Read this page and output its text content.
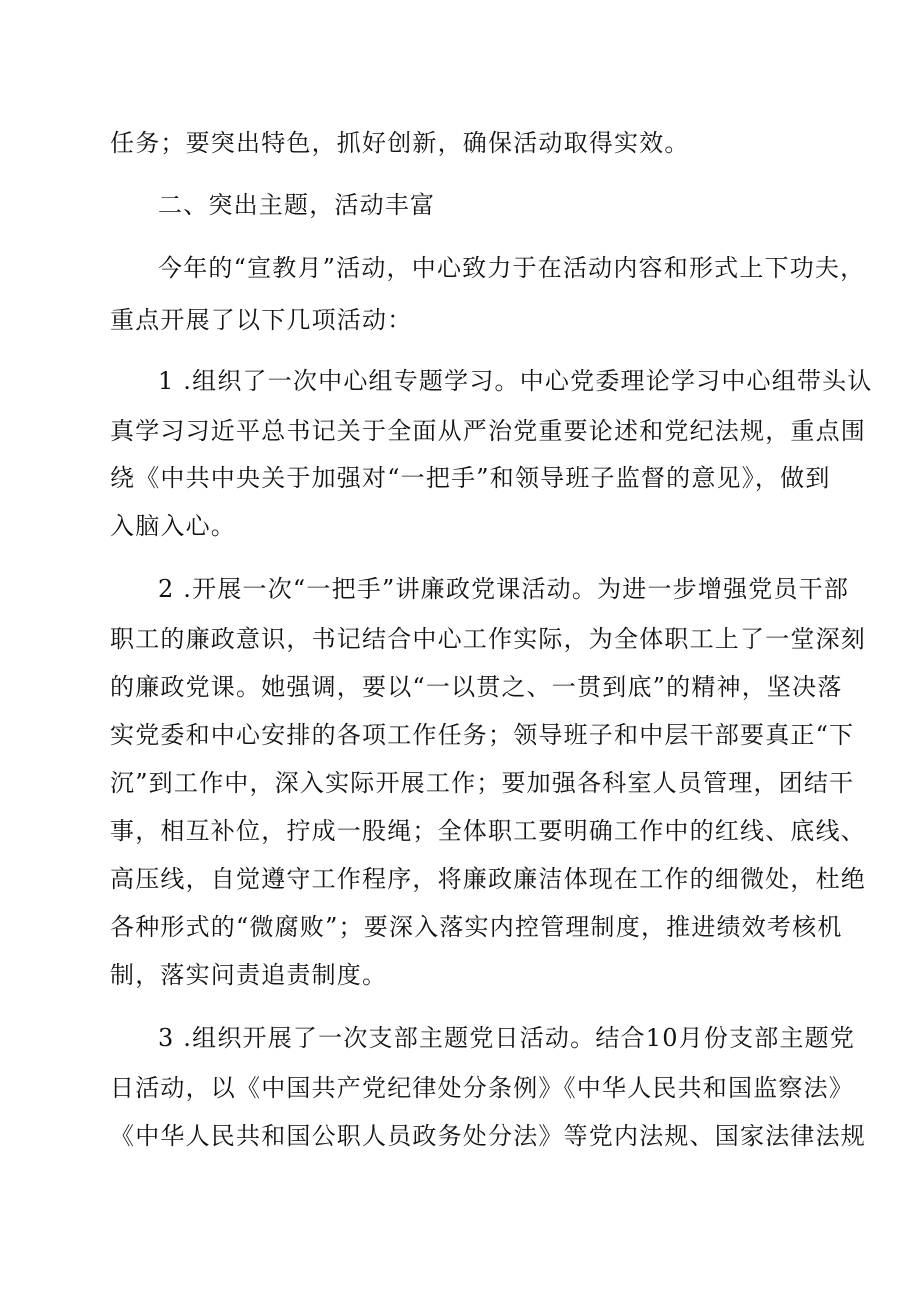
任务；要突出特色，抓好创新，确保活动取得实效。
二、突出主题，活动丰富
今年的“宣教月”活动，中心致力于在活动内容和形式上下功夫，
重点开展了以下几项活动：
1 .组织了一次中心组专题学习。中心党委理论学习中心组带头认
真学习习近平总书记关于全面从严治党重要论述和党纪法规，重点围
绕《中共中央关于加强对“一把手”和领导班子监督的意见》，做到
入脑入心。
2 .开展一次“一把手”讲廉政党课活动。为进一步增强党员干部
职工的廉政意识，书记结合中心工作实际，为全体职工上了一堂深刻
的廉政党课。她强调，要以“一以贯之、一贯到底”的精神，坚决落
实党委和中心安排的各项工作任务；领导班子和中层干部要真正“下
沉”到工作中，深入实际开展工作；要加强各科室人员管理，团结干
事，相互补位，拧成一股绳；全体职工要明确工作中的红线、底线、
高压线，自觉遵守工作程序，将廉政廉洁体现在工作的细微处，杜绝
各种形式的“微腐败”；要深入落实内控管理制度，推进绩效考核机
制，落实问责追责制度。
3 .组织开展了一次支部主题党日活动。结合10月份支部主题党
日活动，以《中国共产党纪律处分条例》《中华人民共和国监察法》
《中华人民共和国公职人员政务处分法》等党内法规、国家法律法规
